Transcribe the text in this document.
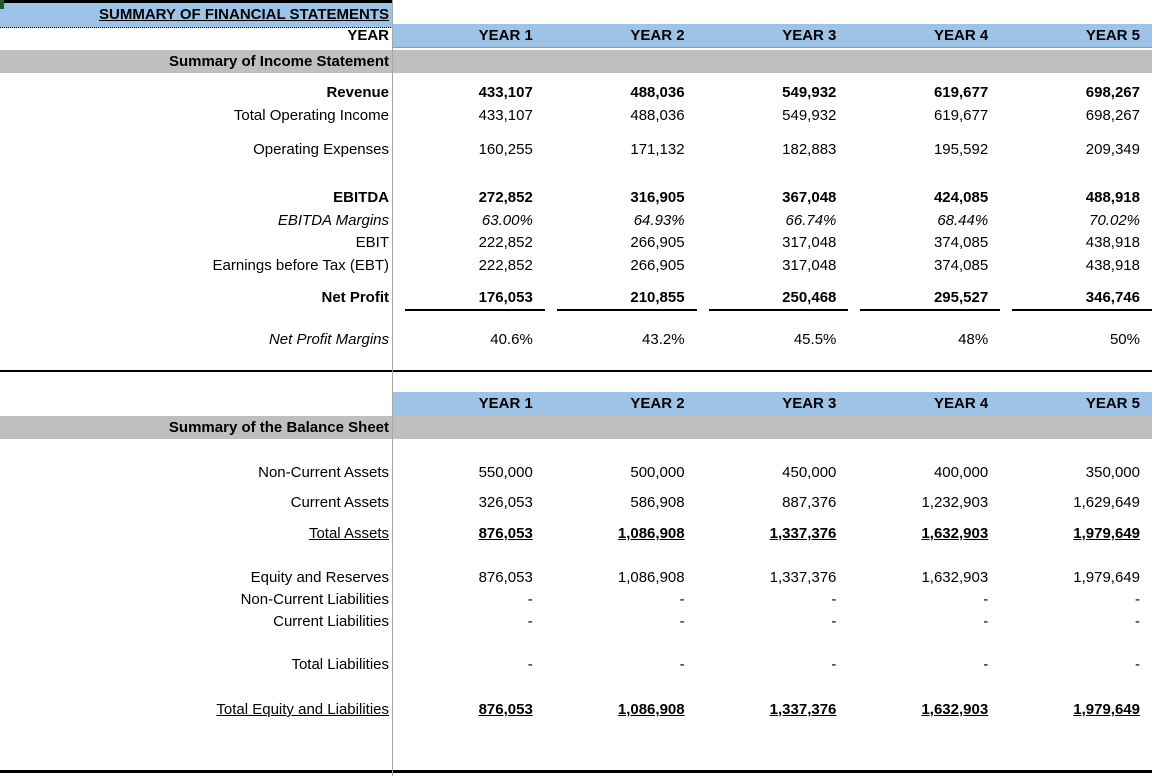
SUMMARY OF FINANCIAL STATEMENTS
YEAR	YEAR 1	YEAR 2	YEAR 3	YEAR 4	YEAR 5
Summary of Income Statement
Revenue	433,107	488,036	549,932	619,677	698,267
Total Operating Income	433,107	488,036	549,932	619,677	698,267
Operating Expenses	160,255	171,132	182,883	195,592	209,349
EBITDA	272,852	316,905	367,048	424,085	488,918
EBITDA Margins	63.00%	64.93%	66.74%	68.44%	70.02%
EBIT	222,852	266,905	317,048	374,085	438,918
Earnings before Tax (EBT)	222,852	266,905	317,048	374,085	438,918
Net Profit	176,053	210,855	250,468	295,527	346,746
Net Profit Margins	40.6%	43.2%	45.5%	48%	50%
YEAR 1	YEAR 2	YEAR 3	YEAR 4	YEAR 5
Summary of the Balance Sheet
Non-Current Assets	550,000	500,000	450,000	400,000	350,000
Current Assets	326,053	586,908	887,376	1,232,903	1,629,649
Total Assets	876,053	1,086,908	1,337,376	1,632,903	1,979,649
Equity and Reserves	876,053	1,086,908	1,337,376	1,632,903	1,979,649
Non-Current Liabilities	-	-	-	-	-
Current Liabilities	-	-	-	-	-
Total Liabilities	-	-	-	-	-
Total Equity and Liabilities	876,053	1,086,908	1,337,376	1,632,903	1,979,649
